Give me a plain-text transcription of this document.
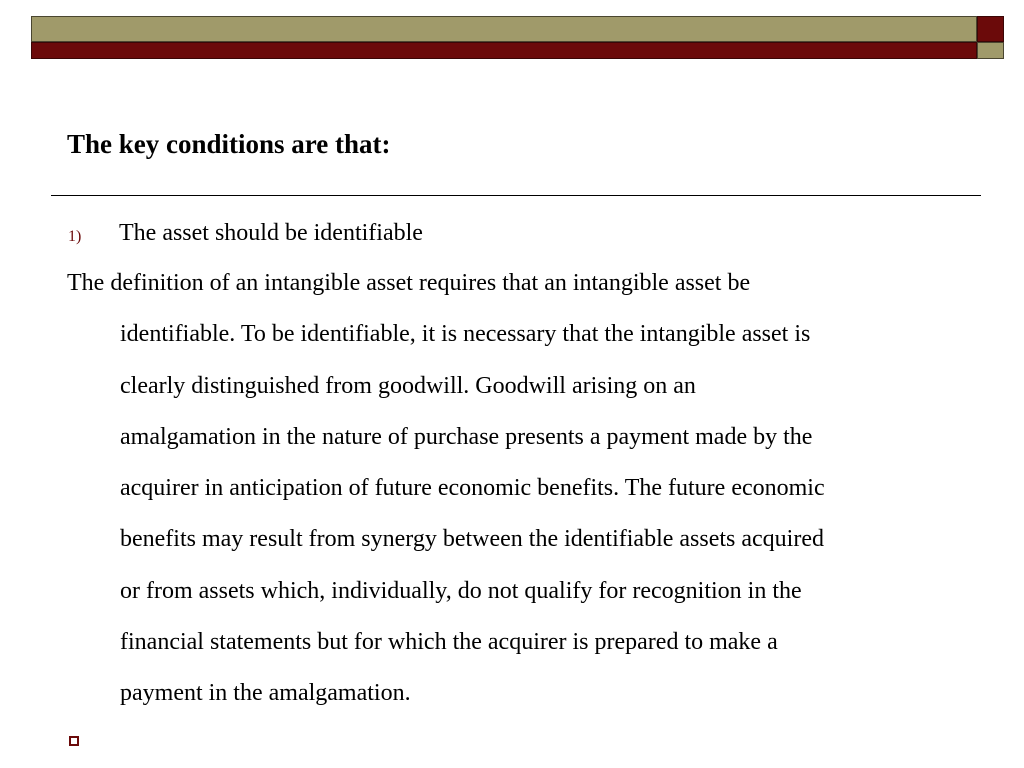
The key conditions are that:
1) The asset should be identifiable
The definition of an intangible asset requires that an intangible asset be
identifiable. To be identifiable, it is necessary that the intangible asset is
clearly distinguished from goodwill. Goodwill arising on an
amalgamation in the nature of purchase presents a payment made by the
acquirer in anticipation of future economic benefits. The future economic
benefits may result from synergy between the identifiable assets acquired
or from assets which, individually, do not qualify for recognition in the
financial statements but for which the acquirer is prepared to make a
payment in the amalgamation.
